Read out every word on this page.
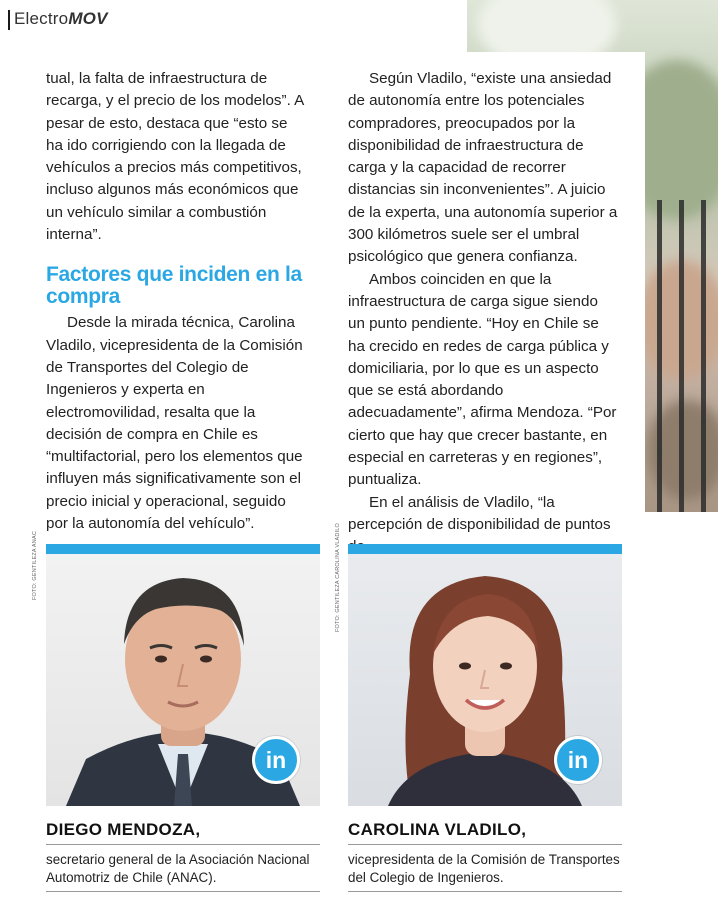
ElectroMOV

tual, la falta de infraestructura de recarga, y el precio de los modelos”. A pesar de esto, destaca que “esto se ha ido corrigiendo con la llegada de vehículos a precios más competitivos, incluso algunos más económicos que un vehículo similar a combustión interna”.

Factores que inciden en la compra

Desde la mirada técnica, Carolina Vladilo, vicepresidenta de la Comisión de Transportes del Colegio de Ingenieros y experta en electromovilidad, resalta que la decisión de compra en Chile es “multifactorial, pero los elementos que influyen más significativamente son el precio inicial y operacional, seguido por la autonomía del vehículo”.

Según Vladilo, “existe una ansiedad de autonomía entre los potenciales compradores, preocupados por la disponibilidad de infraestructura de carga y la capacidad de recorrer distancias sin inconvenientes”. A juicio de la experta, una autonomía superior a 300 kilómetros suele ser el umbral psicológico que genera confianza.

Ambos coinciden en que la infraestructura de carga sigue siendo un punto pendiente. “Hoy en Chile se ha crecido en redes de carga pública y domiciliaria, por lo que es un aspecto que se está abordando adecuadamente”, afirma Mendoza. “Por cierto que hay que crecer bastante, en especial en carreteras y en regiones”, puntualiza.

En el análisis de Vladilo, “la percepción de disponibilidad de puntos

FOTO: GENTILEZA ANAC	FOTO: GENTILEZA CAROLINA VLADILO
in
DIEGO MENDOZA,
secretario general de la Asociación Nacional Automotriz de Chile (ANAC).
in
CAROLINA VLADILO,
vicepresidenta de la Comisión de Transportes del Colegio de Ingenieros.
